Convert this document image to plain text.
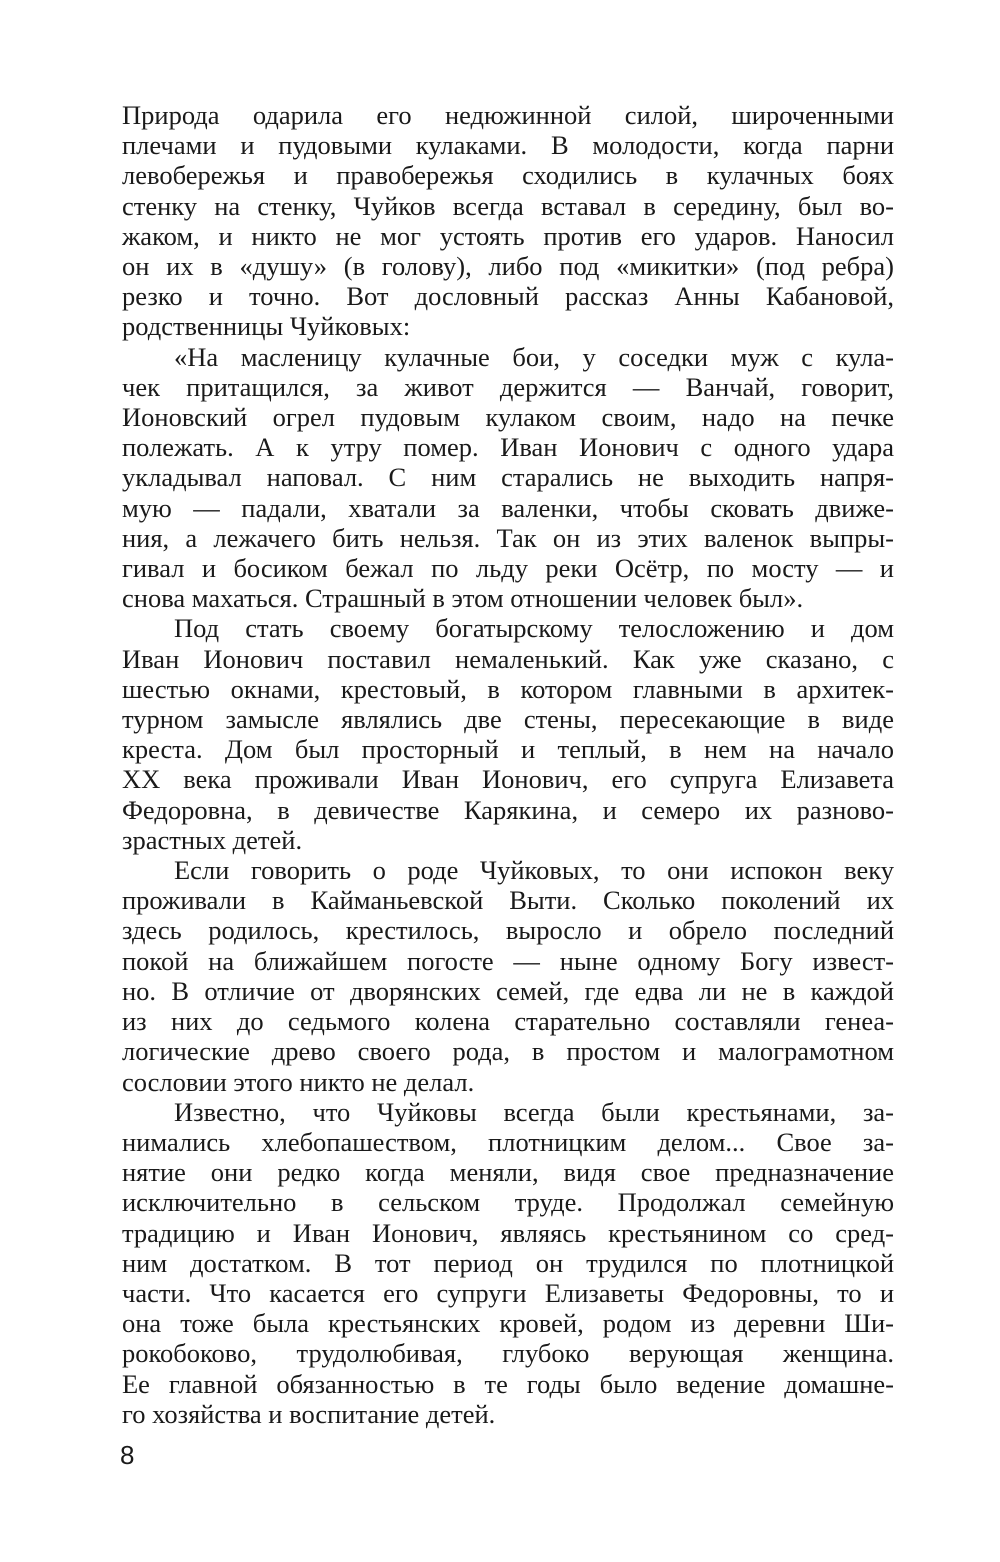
Природа одарила его недюжинной силой, широченными
плечами и пудовыми кулаками. В молодости, когда парни
левобережья и правобережья сходились в кулачных боях
стенку на стенку, Чуйков всегда вставал в середину, был во-
жаком, и никто не мог устоять против его ударов. Наносил
он их в «душу» (в голову), либо под «микитки» (под ребра)
резко и точно. Вот дословный рассказ Анны Кабановой,
родственницы Чуйковых:
«На масленицу кулачные бои, у соседки муж с кула-
чек притащился, за живот держится — Ванчай, говорит,
Ионовский огрел пудовым кулаком своим, надо на печке
полежать. А к утру помер. Иван Ионович с одного удара
укладывал наповал. С ним старались не выходить напря-
мую — падали, хватали за валенки, чтобы сковать движе-
ния, а лежачего бить нельзя. Так он из этих валенок выпры-
гивал и босиком бежал по льду реки Осётр, по мосту — и
снова махаться. Страшный в этом отношении человек был».
Под стать своему богатырскому телосложению и дом
Иван Ионович поставил немаленький. Как уже сказано, с
шестью окнами, крестовый, в котором главными в архитек-
турном замысле являлись две стены, пересекающие в виде
креста. Дом был просторный и теплый, в нем на начало
XX века проживали Иван Ионович, его супруга Елизавета
Федоровна, в девичестве Карякина, и семеро их разново-
зрастных детей.
Если говорить о роде Чуйковых, то они испокон веку
проживали в Кайманьевской Выти. Сколько поколений их
здесь родилось, крестилось, выросло и обрело последний
покой на ближайшем погосте — ныне одному Богу извест-
но. В отличие от дворянских семей, где едва ли не в каждой
из них до седьмого колена старательно составляли генеа-
логические древо своего рода, в простом и малограмотном
сословии этого никто не делал.
Известно, что Чуйковы всегда были крестьянами, за-
нимались хлебопашеством, плотницким делом... Свое за-
нятие они редко когда меняли, видя свое предназначение
исключительно в сельском труде. Продолжал семейную
традицию и Иван Ионович, являясь крестьянином со сред-
ним достатком. В тот период он трудился по плотницкой
части. Что касается его супруги Елизаветы Федоровны, то и
она тоже была крестьянских кровей, родом из деревни Ши-
рокобоково, трудолюбивая, глубоко верующая женщина.
Ее главной обязанностью в те годы было ведение домашне-
го хозяйства и воспитание детей.
8
